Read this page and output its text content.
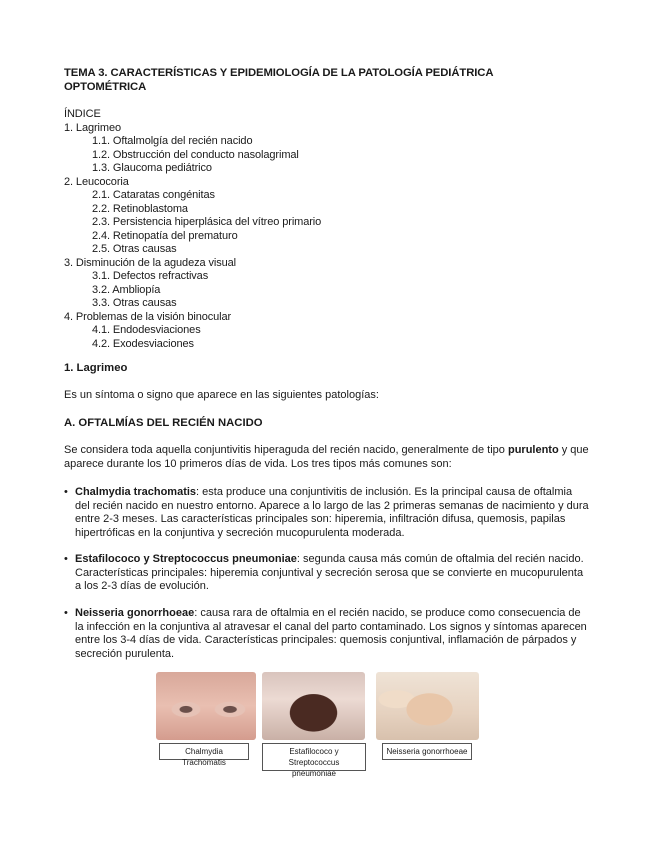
TEMA 3. CARACTERÍSTICAS Y EPIDEMIOLOGÍA DE LA PATOLOGÍA PEDIÁTRICA OPTOMÉTRICA
ÍNDICE
1. Lagrimeo
1.1. Oftalmolgía del recién nacido
1.2. Obstrucción del conducto nasolagrimal
1.3. Glaucoma pediátrico
2. Leucocoria
2.1. Cataratas congénitas
2.2. Retinoblastoma
2.3. Persistencia hiperplásica del vítreo primario
2.4. Retinopatía del prematuro
2.5. Otras causas
3. Disminución de la agudeza visual
3.1. Defectos refractivas
3.2. Ambliopía
3.3. Otras causas
4. Problemas de la visión binocular
4.1. Endodesviaciones
4.2. Exodesviaciones
1. Lagrimeo
Es un síntoma o signo que aparece en las siguientes patologías:
A. OFTALMÍAS DEL RECIÉN NACIDO
Se considera toda aquella conjuntivitis hiperaguda del recién nacido, generalmente de tipo purulento y que aparece durante los 10 primeros días de vida. Los tres tipos más comunes son:
• Chalmydia trachomatis: esta produce una conjuntivitis de inclusión. Es la principal causa de oftalmia del recién nacido en nuestro entorno. Aparece a lo largo de las 2 primeras semanas de nacimiento y dura entre 2-3 meses. Las características principales son: hiperemia, infiltración difusa, quemosis, papilas hipertróficas en la conjuntiva y secreción mucopurulenta moderada.
• Estafilococo y Streptococcus pneumoniae: segunda causa más común de oftalmia del recién nacido. Características principales: hiperemia conjuntival y secreción serosa que se convierte en mucopurulenta a los 2-3 días de evolución.
• Neisseria gonorrhoeae: causa rara de oftalmia en el recién nacido, se produce como consecuencia de la infección en la conjuntiva al atravesar el canal del parto contaminado. Los signos y síntomas aparecen entre los 3-4 días de vida. Características principales: quemosis conjuntival, inflamación de párpados y secreción purulenta.
Chalmydia Trachomatis
Estafilococo y Streptococcus pneumoniae
Neisseria gonorrhoeae
